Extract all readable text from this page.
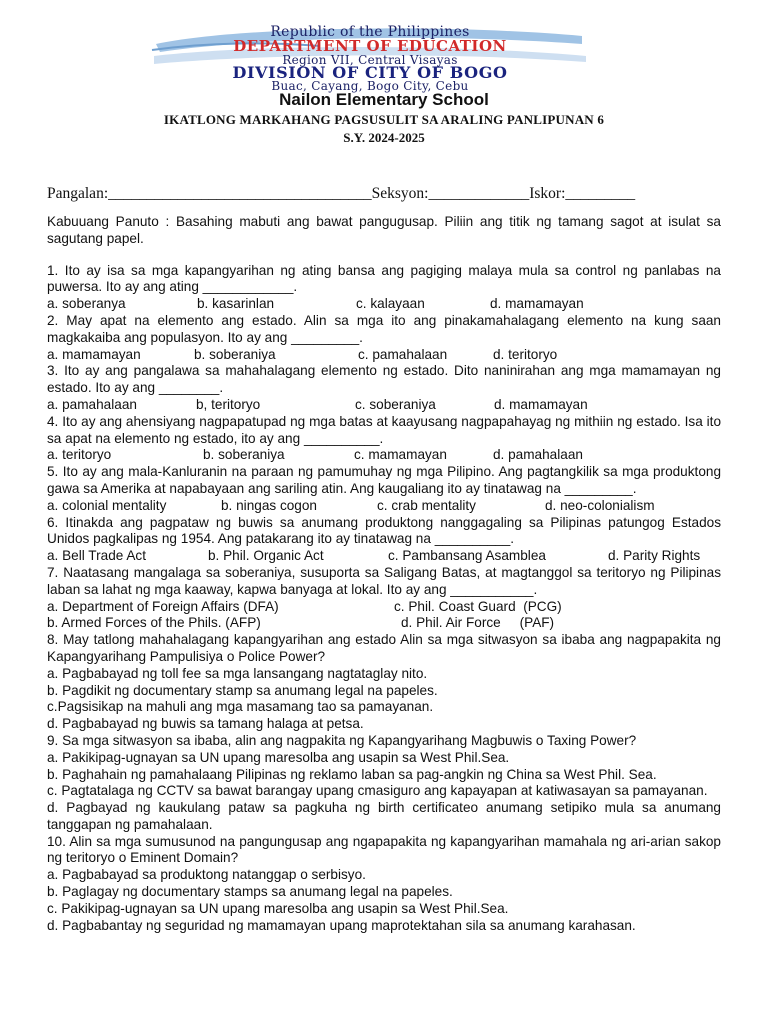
Republic of the Philippines
DEPARTMENT OF EDUCATION
Region VII, Central Visayas
DIVISION OF CITY OF BOGO
Buac, Cayang, Bogo City, Cebu
Nailon Elementary School
IKATLONG MARKAHANG PAGSUSULIT SA ARALING PANLIPUNAN 6
S.Y. 2024-2025
Pangalan:__________________________________Seksyon:_____________Iskor:_________

Kabuuang Panuto : Basahing mabuti ang bawat pangugusap. Piliin ang titik ng tamang sagot at isulat sa sagutang papel.

1. Ito ay isa sa mga kapangyarihan ng ating bansa ang pagiging malaya mula sa control ng panlabas na puwersa. Ito ay ang ating ____________.

a. soberanya	b. kasarinlan	c. kalayaan	d. mamamayan

2. May apat na elemento ang estado. Alin sa mga ito ang pinakamahalagang elemento na kung saan magkakaiba ang populasyon. Ito ay ang _________.

a. mamamayan	b. soberaniya	c. pamahalaan	d. teritoryo

3. Ito ay ang pangalawa sa mahahalagang elemento ng estado. Dito naninirahan ang mga mamamayan ng estado. Ito ay ang ________.

a. pamahalaan	b, teritoryo	c. soberaniya	d. mamamayan

4. Ito ay ang ahensiyang nagpapatupad ng mga batas at kaayusang nagpapahayag ng mithiin ng estado. Isa ito sa apat na elemento ng estado, ito ay ang __________.

a. teritoryo	b. soberaniya	c. mamamayan	d. pamahalaan

5. Ito ay ang mala-Kanluranin na paraan ng pamumuhay ng mga Pilipino. Ang pagtangkilik sa mga produktong gawa sa Amerika at napabayaan ang sariling atin. Ang kaugaliang ito ay tinatawag na _________.

a. colonial mentality	b. ningas cogon	c. crab mentality	d. neo-colonialism

6. Itinakda ang pagpataw ng buwis sa anumang produktong nanggagaling sa Pilipinas patungog Estados Unidos pagkalipas ng 1954. Ang patakarang ito ay tinatawag na __________.

a. Bell Trade Act	b. Phil. Organic Act	c. Pambansang Asamblea	d. Parity Rights

7. Naatasang mangalaga sa soberaniya, susuporta sa Saligang Batas, at magtanggol sa teritoryo ng Pilipinas laban sa lahat ng mga kaaway, kapwa banyaga at lokal. Ito ay ang ___________.

a. Department of Foreign Affairs (DFA)	c. Phil. Coast Guard  (PCG)
b. Armed Forces of the Phils. (AFP)	d. Phil. Air Force     (PAF)

8. May tatlong mahahalagang kapangyarihan ang estado Alin sa mga sitwasyon sa ibaba ang nagpapakita ng Kapangyarihang Pampulisiya o Police Power?

a. Pagbabayad ng toll fee sa mga lansangang nagtataglay nito.

b. Pagdikit ng documentary stamp sa anumang legal na papeles.

c.Pagsisikap na mahuli ang mga masamang tao sa pamayanan.

d. Pagbabayad ng buwis sa tamang halaga at petsa.

9. Sa mga sitwasyon sa ibaba, alin ang nagpakita ng Kapangyarihang Magbuwis o Taxing Power?

a. Pakikipag-ugnayan sa UN upang maresolba ang usapin sa West Phil.Sea.

b. Paghahain ng pamahalaang Pilipinas ng reklamo laban sa pag-angkin ng China sa West Phil. Sea.

c. Pagtatalaga ng CCTV sa bawat barangay upang cmasiguro ang kapayapan at katiwasayan sa pamayanan.

d. Pagbayad ng kaukulang pataw sa pagkuha ng birth certificateo anumang setipiko mula sa anumang tanggapan ng pamahalaan.

10. Alin sa mga sumusunod na pangungusap ang ngapapakita ng kapangyarihan mamahala ng ari-arian sakop ng teritoryo o Eminent Domain?

a. Pagbabayad sa produktong natanggap o serbisyo.

b. Paglagay ng documentary stamps sa anumang legal na papeles.

c. Pakikipag-ugnayan sa UN upang maresolba ang usapin sa West Phil.Sea.

d. Pagbabantay ng seguridad ng mamamayan upang maprotektahan sila sa anumang karahasan.
